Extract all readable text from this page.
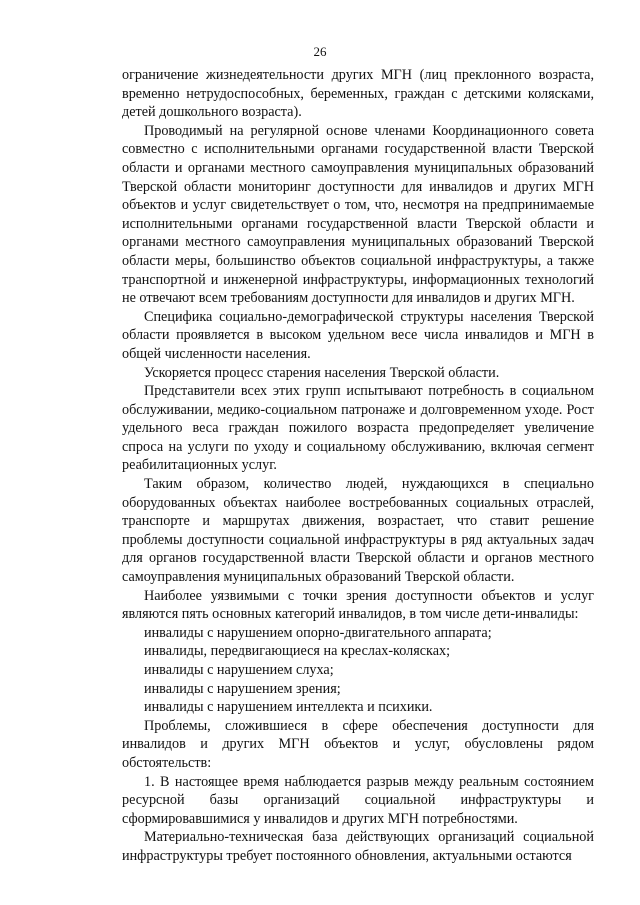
26

ограничение жизнедеятельности других МГН (лиц преклонного возраста, временно нетрудоспособных, беременных, граждан с детскими колясками, детей дошкольного возраста).

Проводимый на регулярной основе членами Координационного совета совместно с исполнительными органами государственной власти Тверской области и органами местного самоуправления муниципальных образований Тверской области мониторинг доступности для инвалидов и других МГН объектов и услуг свидетельствует о том, что, несмотря на предпринимаемые исполнительными органами государственной власти Тверской области и органами местного самоуправления муниципальных образований Тверской области меры, большинство объектов социальной инфраструктуры, а также транспортной и инженерной инфраструктуры, информационных технологий не отвечают всем требованиям доступности для инвалидов и других МГН.

Специфика социально-демографической структуры населения Тверской области проявляется в высоком удельном весе числа инвалидов и МГН в общей численности населения.

Ускоряется процесс старения населения Тверской области.

Представители всех этих групп испытывают потребность в социальном обслуживании, медико-социальном патронаже и долговременном уходе. Рост удельного веса граждан пожилого возраста предопределяет увеличение спроса на услуги по уходу и социальному обслуживанию, включая сегмент реабилитационных услуг.

Таким образом, количество людей, нуждающихся в специально оборудованных объектах наиболее востребованных социальных отраслей, транспорте и маршрутах движения, возрастает, что ставит решение проблемы доступности социальной инфраструктуры в ряд актуальных задач для органов государственной власти Тверской области и органов местного самоуправления муниципальных образований Тверской области.

Наиболее уязвимыми с точки зрения доступности объектов и услуг являются пять основных категорий инвалидов, в том числе дети-инвалиды:

инвалиды с нарушением опорно-двигательного аппарата;

инвалиды, передвигающиеся на креслах-колясках;

инвалиды с нарушением слуха;

инвалиды с нарушением зрения;

инвалиды с нарушением интеллекта и психики.

Проблемы, сложившиеся в сфере обеспечения доступности для инвалидов и других МГН объектов и услуг, обусловлены рядом обстоятельств:

1. В настоящее время наблюдается разрыв между реальным состоянием ресурсной базы организаций социальной инфраструктуры и сформировавшимися у инвалидов и других МГН потребностями.

Материально-техническая база действующих организаций социальной инфраструктуры требует постоянного обновления, актуальными остаются
